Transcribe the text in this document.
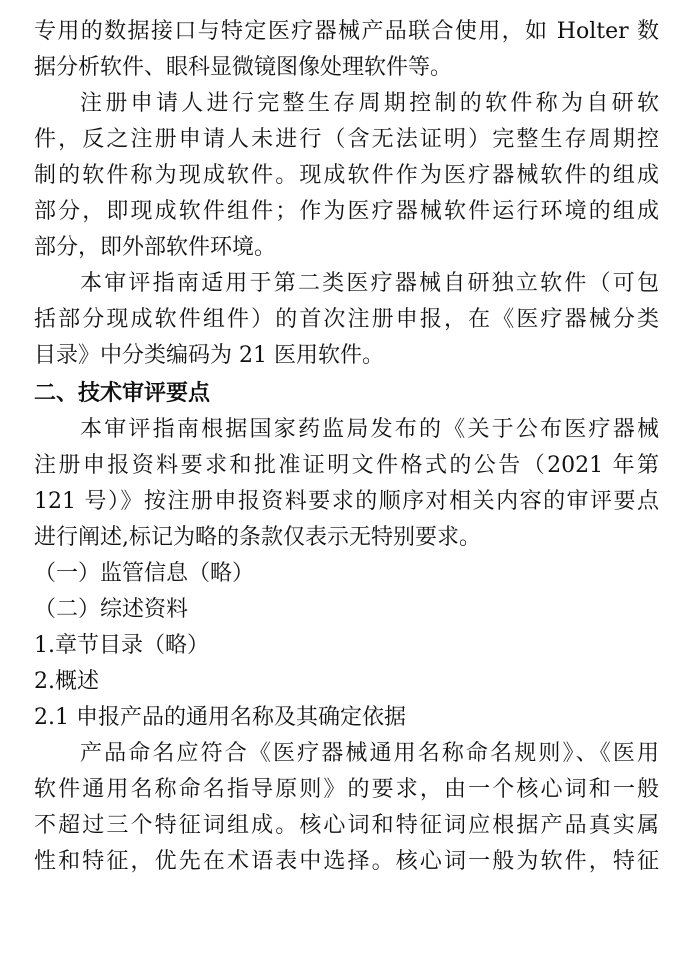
专用的数据接口与特定医疗器械产品联合使用，如 Holter 数
据分析软件、眼科显微镜图像处理软件等。
注册申请人进行完整生存周期控制的软件称为自研软
件，反之注册申请人未进行（含无法证明）完整生存周期控
制的软件称为现成软件。现成软件作为医疗器械软件的组成
部分，即现成软件组件；作为医疗器械软件运行环境的组成
部分，即外部软件环境。
本审评指南适用于第二类医疗器械自研独立软件（可包
括部分现成软件组件）的首次注册申报，在《医疗器械分类
目录》中分类编码为 21 医用软件。
二、技术审评要点
本审评指南根据国家药监局发布的《关于公布医疗器械
注册申报资料要求和批准证明文件格式的公告（2021 年第
121 号）》按注册申报资料要求的顺序对相关内容的审评要点
进行阐述,标记为略的条款仅表示无特别要求。
（一）监管信息（略）
（二）综述资料
1.章节目录（略）
2.概述
2.1 申报产品的通用名称及其确定依据
产品命名应符合《医疗器械通用名称命名规则》、《医用
软件通用名称命名指导原则》的要求，由一个核心词和一般
不超过三个特征词组成。核心词和特征词应根据产品真实属
性和特征，优先在术语表中选择。核心词一般为软件，特征
